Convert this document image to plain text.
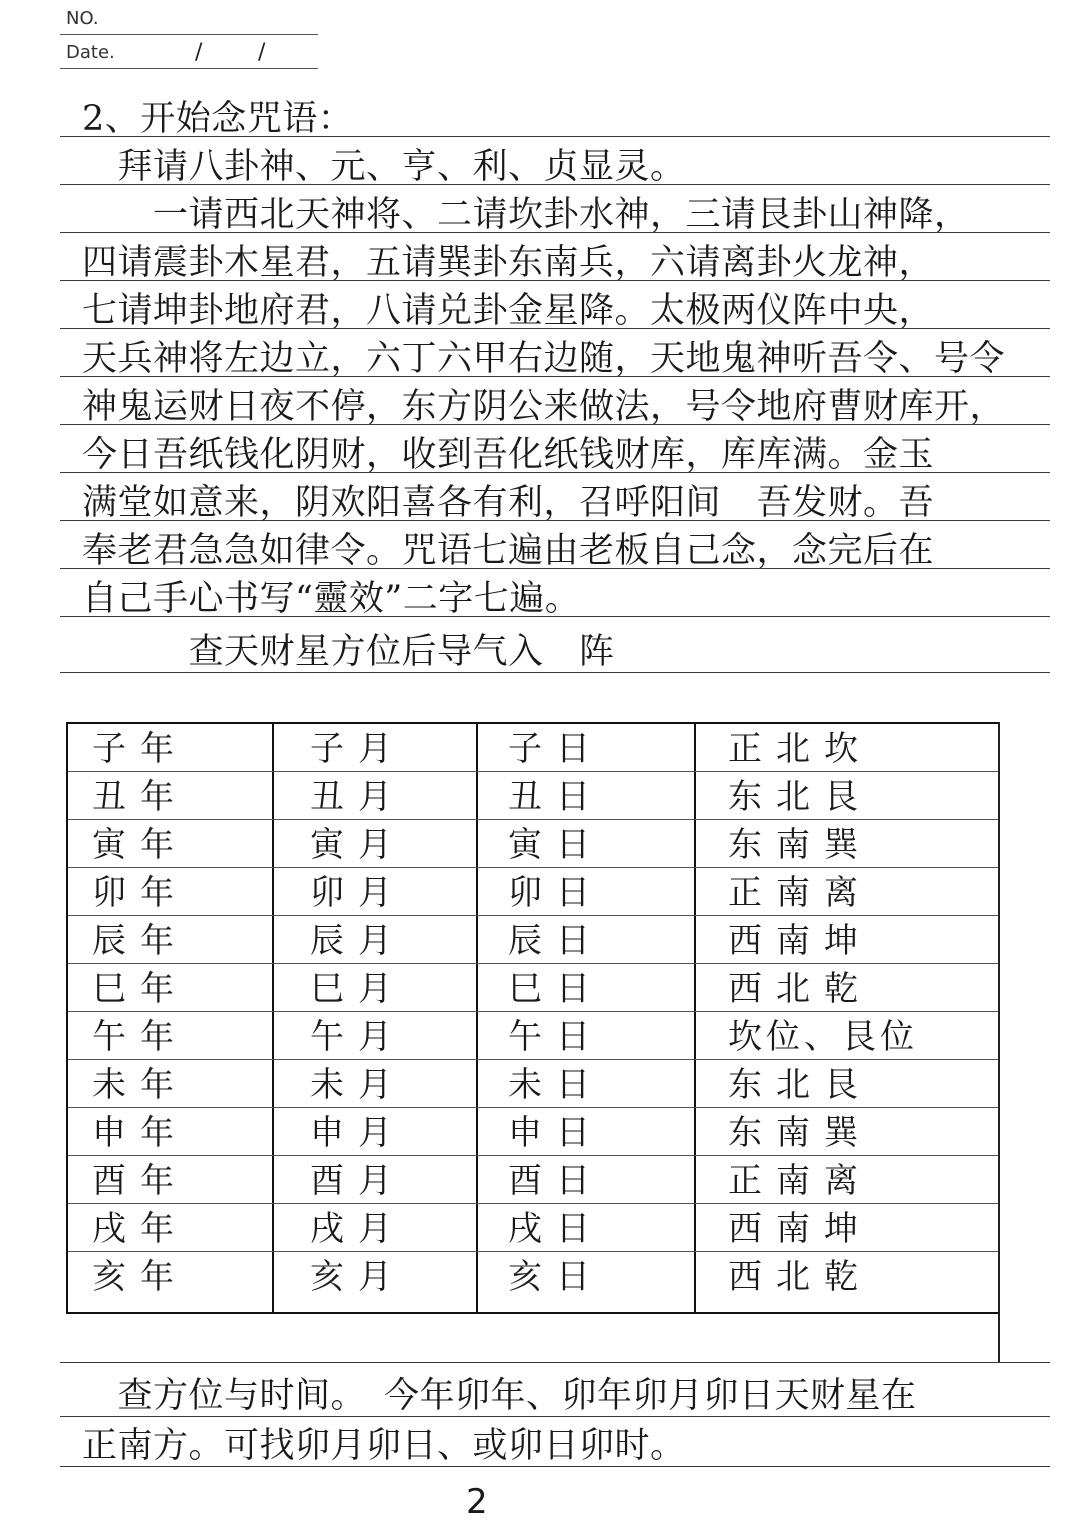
NO.
Date.	/	/
2、开始念咒语：
　拜请八卦神、元、亨、利、贞显灵。
　　一请西北天神将、二请坎卦水神，三请艮卦山神降，
四请震卦木星君，五请巽卦东南兵，六请离卦火龙神，
七请坤卦地府君，八请兑卦金星降。太极两仪阵中央，
天兵神将左边立，六丁六甲右边随，天地鬼神听吾令、号令
神鬼运财日夜不停，东方阴公来做法，号令地府曹财库开，
今日吾纸钱化阴财，收到吾化纸钱财库，库库满。金玉
满堂如意来，阴欢阳喜各有利，召呼阳间　吾发财。吾
奉老君急急如律令。咒语七遍由老板自己念，念完后在
自己手心书写“靈效”二字七遍。
　　　查天财星方位后导气入　阵
子年	子月	子日	正北坎
丑年	丑月	丑日	东北艮
寅年	寅月	寅日	东南巽
卯年	卯月	卯日	正南离
辰年	辰月	辰日	西南坤
巳年	巳月	巳日	西北乾
午年	午月	午日	坎位、艮位
未年	未月	未日	东北艮
申年	申月	申日	东南巽
酉年	酉月	酉日	正南离
戌年	戌月	戌日	西南坤
亥年	亥月	亥日	西北乾
　查方位与时间。　今年卯年、卯年卯月卯日天财星在
正南方。可找卯月卯日、或卯日卯时。
2
